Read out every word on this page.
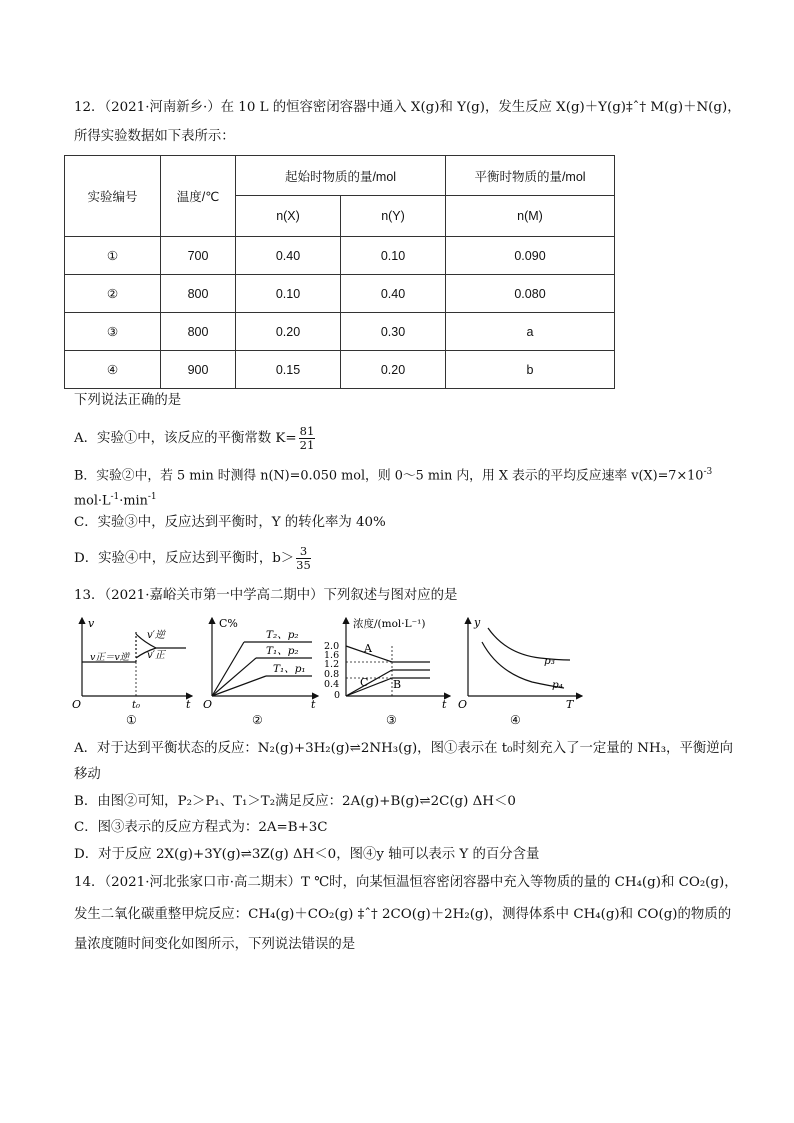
12．（2021·河南新乡·）在 10 L 的恒容密闭容器中通入 X(g)和 Y(g)，发生反应 X(g)＋Y(g)‡ˆ† M(g)＋N(g)，
所得实验数据如下表所示：
实验编号	温度/℃	起始时物质的量/mol		平衡时物质的量/mol
		n(X)	n(Y)	n(M)
①	700	0.40	0.10	0.090
②	800	0.10	0.40	0.080
③	800	0.20	0.30	a
④	900	0.15	0.20	b
下列说法正确的是
A．实验①中，该反应的平衡常数 $K= \frac{81}{21}$
B．实验②中，若 5 min 时测得 n(N)=0.050 mol，则 0～5 min 内，用 X 表示的平均反应速率 $v(X)=7\times 10^{-3}$
$mol\cdot L^{-1}\cdot\min^{-1}$
C．实验③中，反应达到平衡时，Y 的转化率为 40%
D．实验④中，反应达到平衡时，$b> \frac{3}{35}$
13．（2021·嘉峪关市第一中学高二期中）下列叙述与图对应的是
v
v′逆
v′正
v正＝v逆
t₀	t
O
①
C%
T₂、p₂
T₁、p₂
T₁、p₁
t
O
②
浓度/(mol·L⁻¹)
2.0
1.6
1.2
0.8
0.4
0
A
B
C
t
③
y
p₃
p₄
T
O
④
A．对于达到平衡状态的反应：N₂(g)+3H₂(g)⇌2NH₃(g)，图①表示在 t₀时刻充入了一定量的 NH₃，平衡逆向
移动
B．由图②可知，P₂＞P₁、T₁＞T₂满足反应：2A(g)+B(g)⇌2C(g) ΔH＜0
C．图③表示的反应方程式为：2A=B+3C
D．对于反应 2X(g)+3Y(g)⇌3Z(g) ΔH＜0，图④y 轴可以表示 Y 的百分含量
14．（2021·河北张家口市·高二期末）T ℃时，向某恒温恒容密闭容器中充入等物质的量的 CH₄(g)和 CO₂(g)，
发生二氧化碳重整甲烷反应：CH₄(g)＋CO₂(g) ‡ˆ† 2CO(g)＋2H₂(g)，测得体系中 CH₄(g)和 CO(g)的物质的
量浓度随时间变化如图所示，下列说法错误的是
